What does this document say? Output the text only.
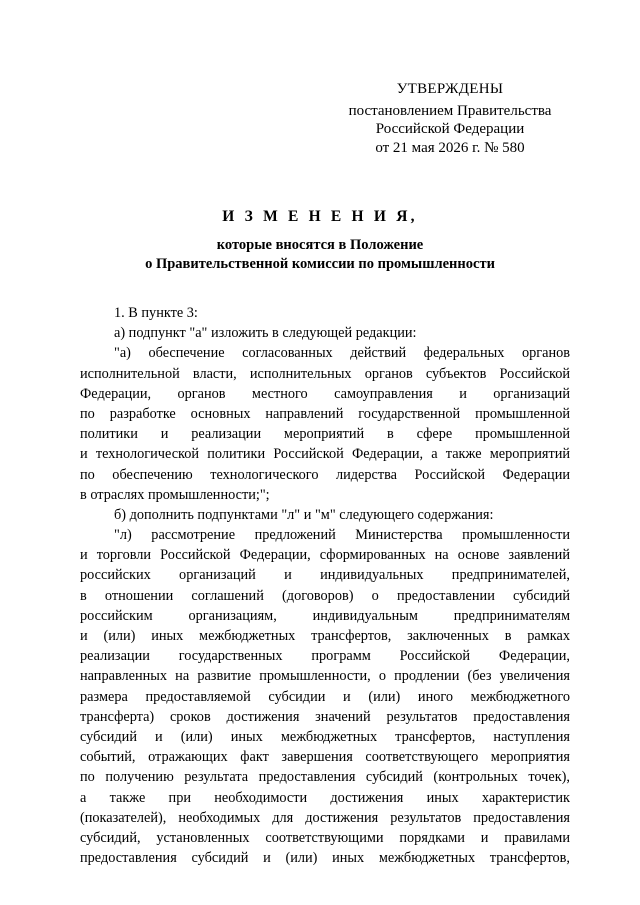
УТВЕРЖДЕНЫ
постановлением Правительства
Российской Федерации
от 21 мая 2026 г. № 580
И З М Е Н Е Н И Я,
которые вносятся в Положение
о Правительственной комиссии по промышленности
1. В пункте 3:
а) подпункт "а" изложить в следующей редакции:
"а) обеспечение согласованных действий федеральных органов
исполнительной власти, исполнительных органов субъектов Российской
Федерации, органов местного самоуправления и организаций
по разработке основных направлений государственной промышленной
политики и реализации мероприятий в сфере промышленной
и технологической политики Российской Федерации, а также мероприятий
по обеспечению технологического лидерства Российской Федерации
в отраслях промышленности;";
б) дополнить подпунктами "л" и "м" следующего содержания:
"л) рассмотрение предложений Министерства промышленности
и торговли Российской Федерации, сформированных на основе заявлений
российских организаций и индивидуальных предпринимателей,
в отношении соглашений (договоров) о предоставлении субсидий
российским организациям, индивидуальным предпринимателям
и (или) иных межбюджетных трансфертов, заключенных в рамках
реализации государственных программ Российской Федерации,
направленных на развитие промышленности, о продлении (без увеличения
размера предоставляемой субсидии и (или) иного межбюджетного
трансферта) сроков достижения значений результатов предоставления
субсидий и (или) иных межбюджетных трансфертов, наступления
событий, отражающих факт завершения соответствующего мероприятия
по получению результата предоставления субсидий (контрольных точек),
а также при необходимости достижения иных характеристик
(показателей), необходимых для достижения результатов предоставления
субсидий, установленных соответствующими порядками и правилами
предоставления субсидий и (или) иных межбюджетных трансфертов,
